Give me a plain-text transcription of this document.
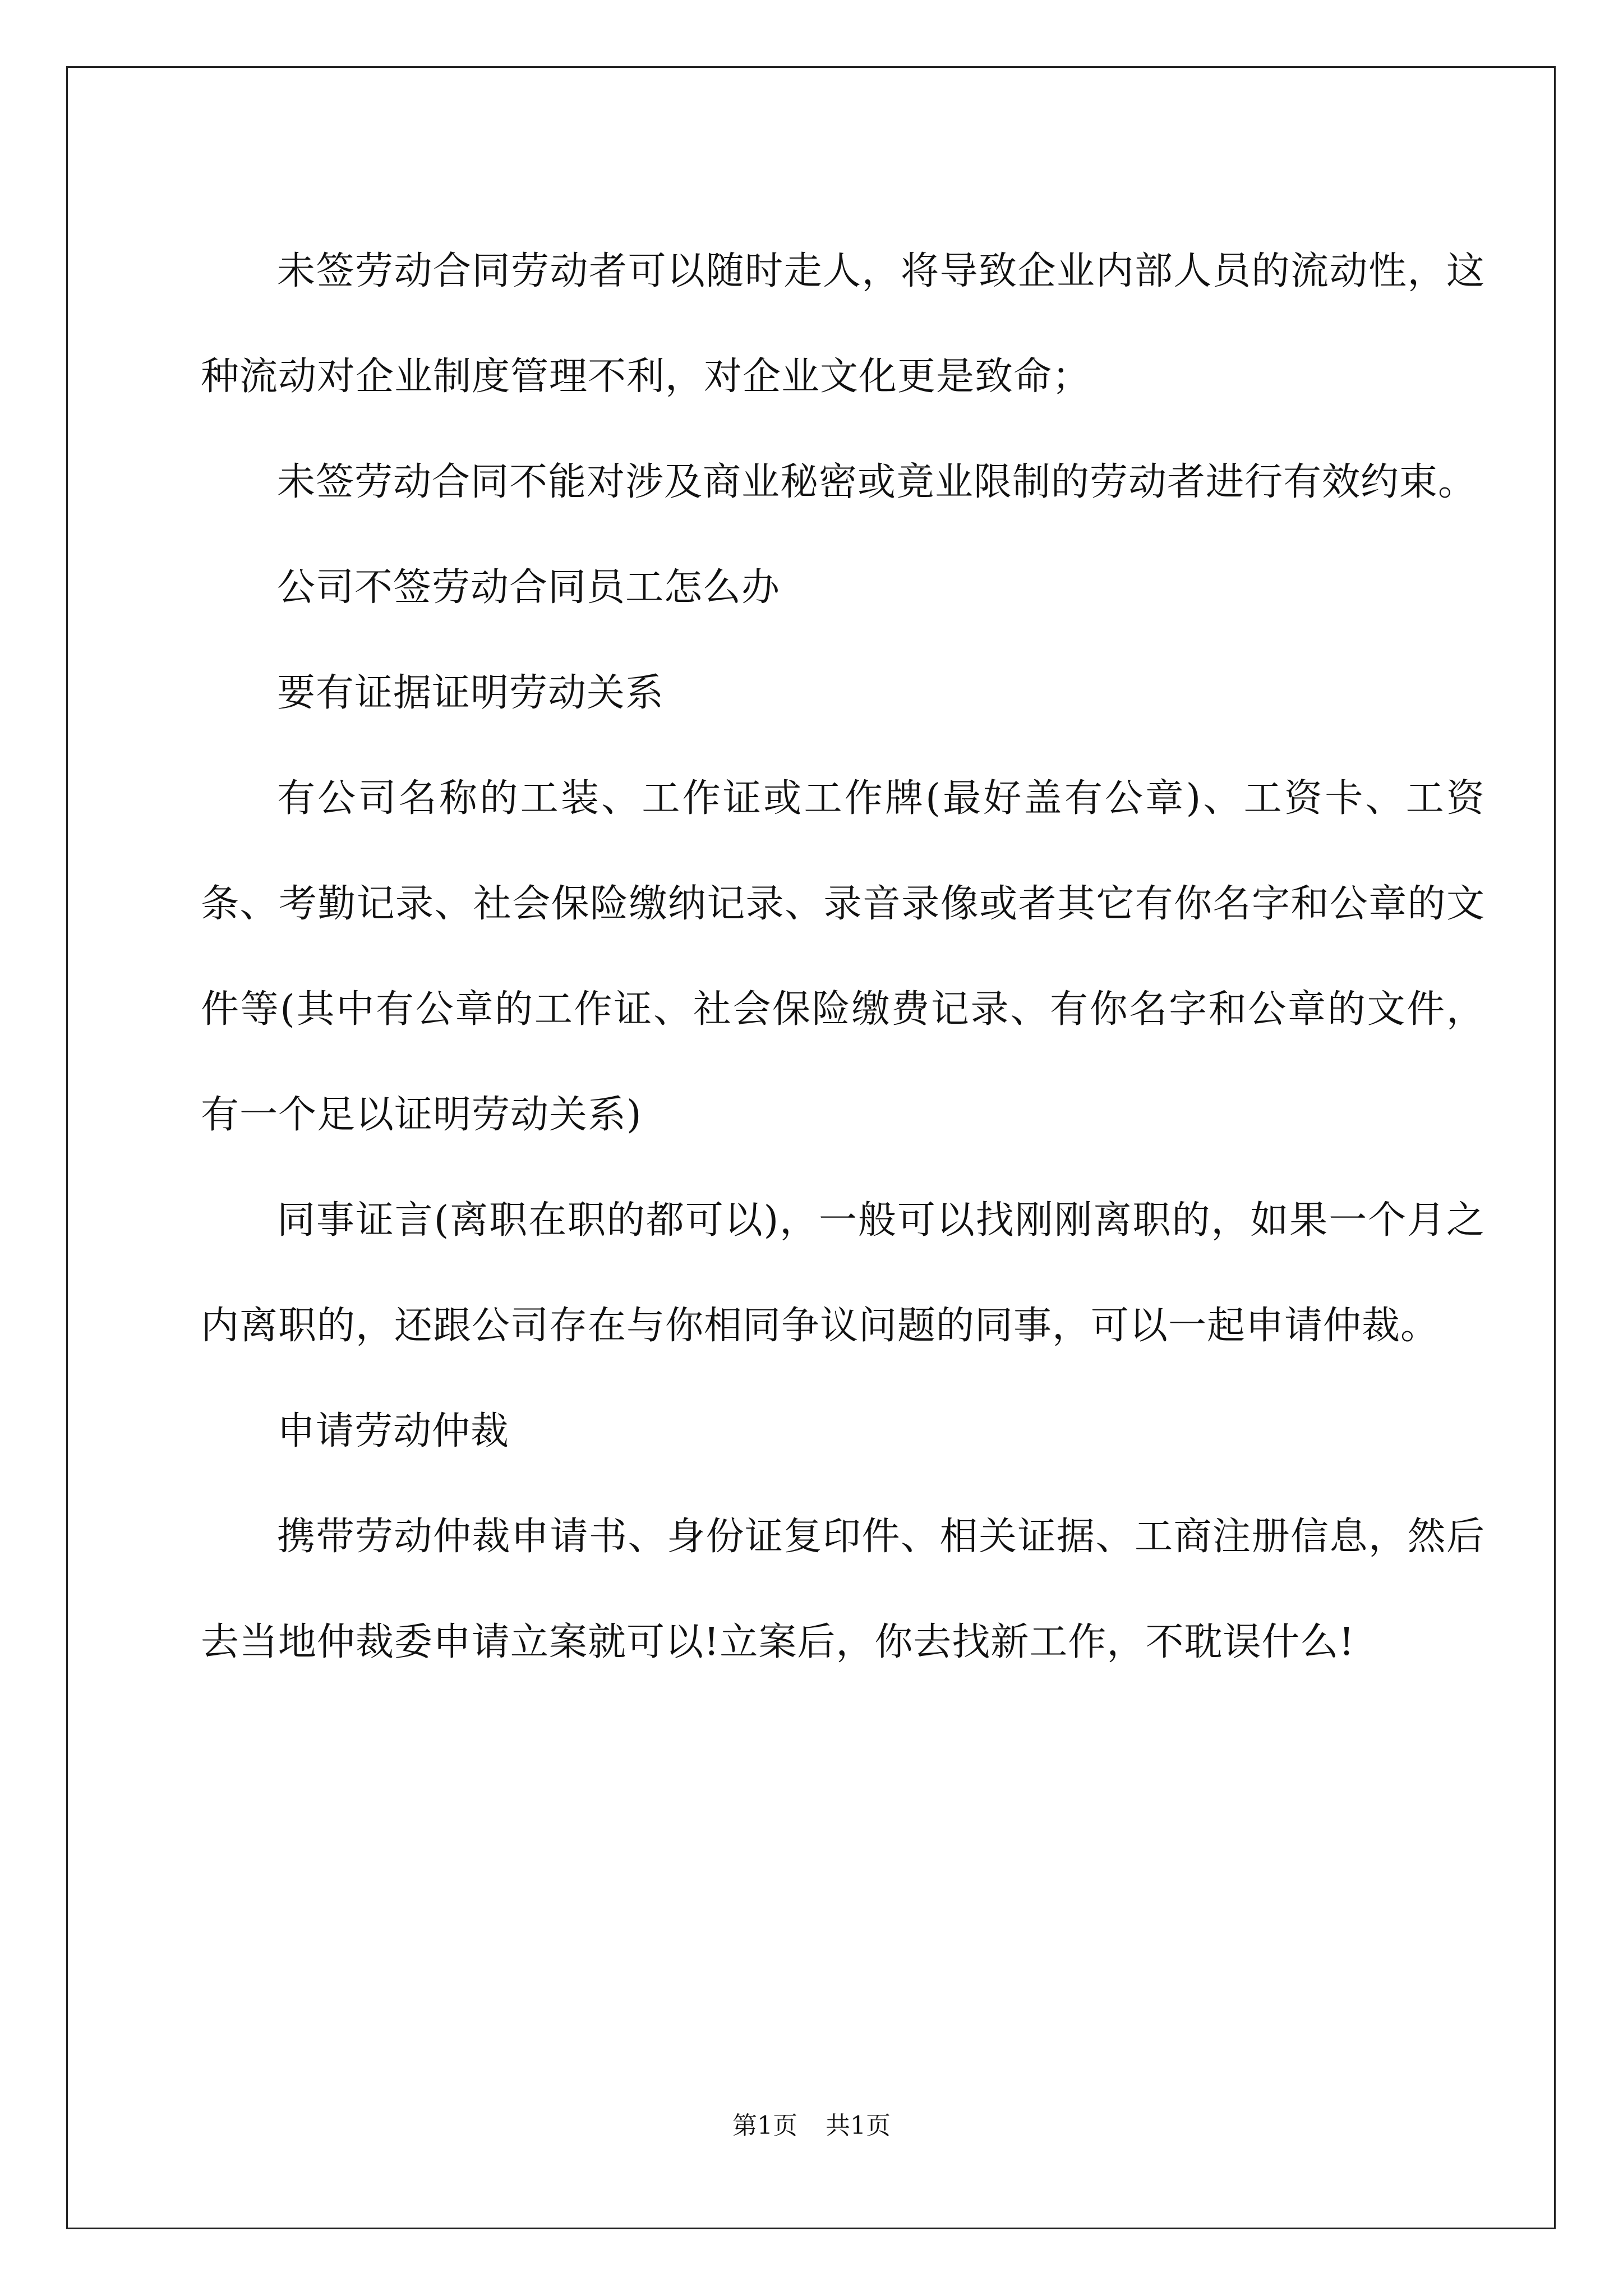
未签劳动合同劳动者可以随时走人，将导致企业内部人员的流动性，这种流动对企业制度管理不利，对企业文化更是致命；

未签劳动合同不能对涉及商业秘密或竟业限制的劳动者进行有效约束。

公司不签劳动合同员工怎么办

要有证据证明劳动关系

有公司名称的工装、工作证或工作牌(最好盖有公章)、工资卡、工资条、考勤记录、社会保险缴纳记录、录音录像或者其它有你名字和公章的文件等(其中有公章的工作证、社会保险缴费记录、有你名字和公章的文件，有一个足以证明劳动关系)

同事证言(离职在职的都可以)，一般可以找刚刚离职的，如果一个月之内离职的，还跟公司存在与你相同争议问题的同事，可以一起申请仲裁。

申请劳动仲裁

携带劳动仲裁申请书、身份证复印件、相关证据、工商注册信息，然后去当地仲裁委申请立案就可以!立案后，你去找新工作，不耽误什么!

第1页 共1页
